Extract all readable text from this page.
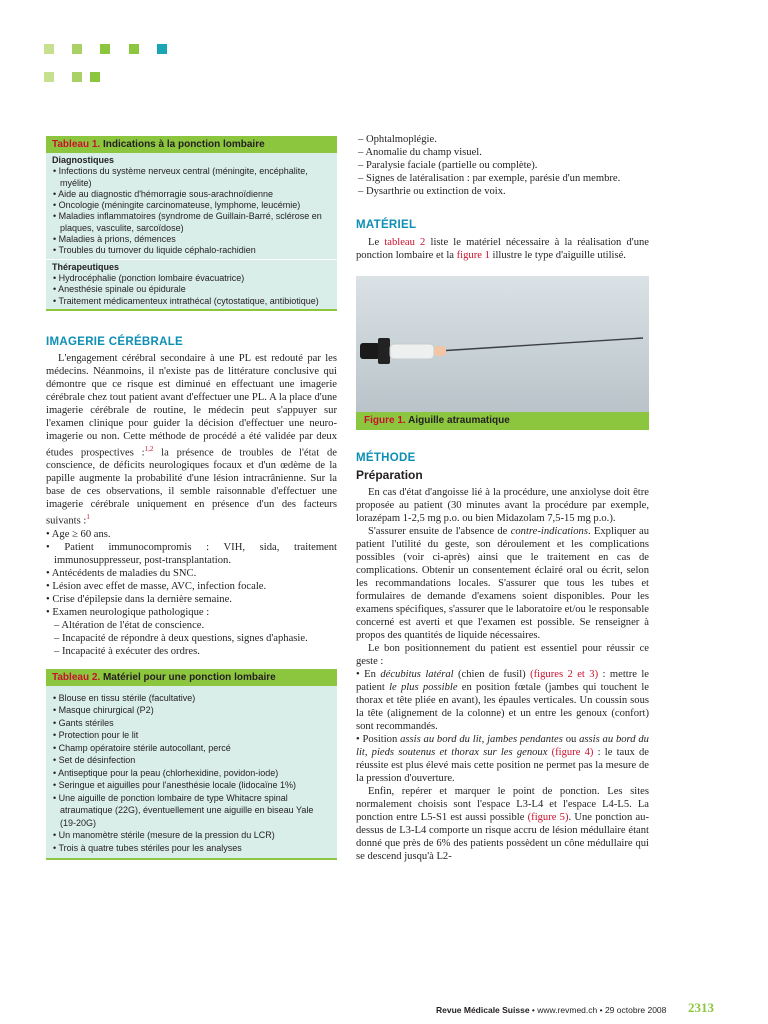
Tableau 1. Indications à la ponction lombaire
Diagnostiques
• Infections du système nerveux central (méningite, encéphalite, myélite)
• Aide au diagnostic d'hémorragie sous-arachnoïdienne
• Oncologie (méningite carcinomateuse, lymphome, leucémie)
• Maladies inflammatoires (syndrome de Guillain-Barré, sclérose en plaques, vasculite, sarcoïdose)
• Maladies à prions, démences
• Troubles du turnover du liquide céphalo-rachidien
Thérapeutiques
• Hydrocéphalie (ponction lombaire évacuatrice)
• Anesthésie spinale ou épidurale
• Traitement médicamenteux intrathécal (cytostatique, antibiotique)
IMAGERIE CÉRÉBRALE

L'engagement cérébral secondaire à une PL est redouté par les médecins. Néanmoins, il n'existe pas de littérature conclusive qui démontre que ce risque est diminué en effectuant une imagerie cérébrale chez tout patient avant d'effectuer une PL. A la place d'une imagerie cérébrale de routine, le médecin peut s'appuyer sur l'examen clinique pour guider la décision d'effectuer une neuro-imagerie ou non. Cette méthode de procédé a été validée par deux études prospectives :$^{1,2}$ la présence de troubles de l'état de conscience, de déficits neurologiques focaux et d'un œdème de la papille augmente la probabilité d'une lésion intracrânienne. Sur la base de ces observations, il semble raisonnable d'effectuer une imagerie cérébrale uniquement en présence d'un des facteurs suivants :$^1$

• Age ≥ 60 ans.
• Patient immunocompromis : VIH, sida, traitement immunosuppresseur, post-transplantation.
• Antécédents de maladies du SNC.
• Lésion avec effet de masse, AVC, infection focale.
• Crise d'épilepsie dans la dernière semaine.
• Examen neurologique pathologique :
– Altération de l'état de conscience.
– Incapacité de répondre à deux questions, signes d'aphasie.
– Incapacité à exécuter des ordres.
Tableau 2. Matériel pour une ponction lombaire
• Blouse en tissu stérile (facultative)
• Masque chirurgical (P2)
• Gants stériles
• Protection pour le lit
• Champ opératoire stérile autocollant, percé
• Set de désinfection
• Antiseptique pour la peau (chlorhexidine, povidon-iode)
• Seringue et aiguilles pour l'anesthésie locale (lidocaïne 1%)
• Une aiguille de ponction lombaire de type Whitacre spinal atraumatique (22G), éventuellement une aiguille en biseau Yale (19-20G)
• Un manomètre stérile (mesure de la pression du LCR)
• Trois à quatre tubes stériles pour les analyses
– Ophtalmoplégie.
– Anomalie du champ visuel.
– Paralysie faciale (partielle ou complète).
– Signes de latéralisation : par exemple, parésie d'un membre.
– Dysarthrie ou extinction de voix.
MATÉRIEL

Le tableau 2 liste le matériel nécessaire à la réalisation d'une ponction lombaire et la figure 1 illustre le type d'aiguille utilisé.

Figure 1. Aiguille atraumatique
MÉTHODE
Préparation

En cas d'état d'angoisse lié à la procédure, une anxiolyse doit être proposée au patient (30 minutes avant la procédure par exemple, lorazépam 1-2,5 mg p.o. ou bien Midazolam 7,5-15 mg p.o.).

S'assurer ensuite de l'absence de contre-indications. Expliquer au patient l'utilité du geste, son déroulement et les complications possibles (voir ci-après) ainsi que le traitement en cas de complications. Obtenir un consentement éclairé oral ou écrit, selon les recommandations locales. S'assurer que tous les tubes et formulaires de demande d'examens soient disponibles. Pour les examens spécifiques, s'assurer que le laboratoire et/ou le responsable concerné est averti et que l'examen est possible. Se renseigner à propos des quantités de liquide nécessaires.

Le bon positionnement du patient est essentiel pour réussir ce geste :

• En décubitus latéral (chien de fusil) (figures 2 et 3) : mettre le patient le plus possible en position fœtale (jambes qui touchent le thorax et tête pliée en avant), les épaules verticales. Un coussin sous la tête (alignement de la colonne) et un entre les genoux (confort) sont recommandés.

• Position assis au bord du lit, jambes pendantes ou assis au bord du lit, pieds soutenus et thorax sur les genoux (figure 4) : le taux de réussite est plus élevé mais cette position ne permet pas la mesure de la pression d'ouverture.

Enfin, repérer et marquer le point de ponction. Les sites normalement choisis sont l'espace L3-L4 et l'espace L4-L5. La ponction entre L5-S1 est aussi possible (figure 5). Une ponction au-dessus de L3-L4 comporte un risque accru de lésion médullaire étant donné que près de 6% des patients possèdent un cône médullaire qui se descend jusqu'à L2-

Revue Médicale Suisse • www.revmed.ch • 29 octobre 2008 2313
